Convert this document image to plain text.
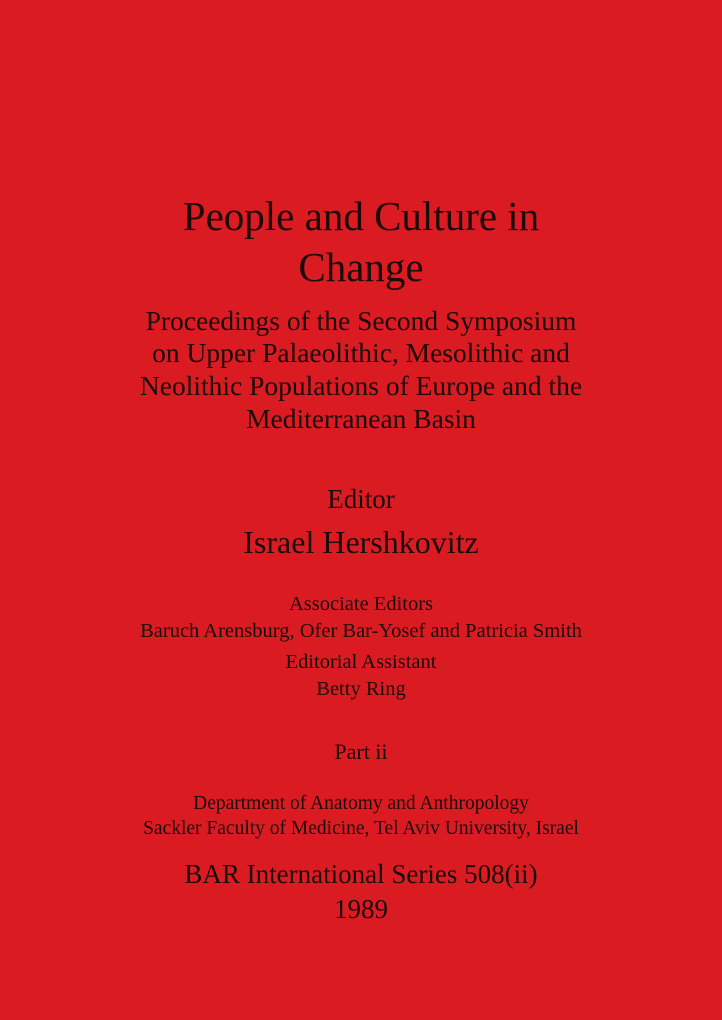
People and Culture in
Change
Proceedings of the Second Symposium
on Upper Palaeolithic, Mesolithic and
Neolithic Populations of Europe and the
Mediterranean Basin
Editor
Israel Hershkovitz
Associate Editors
Baruch Arensburg, Ofer Bar-Yosef and Patricia Smith
Editorial Assistant
Betty Ring
Part ii
Department of Anatomy and Anthropology
Sackler Faculty of Medicine, Tel Aviv University, Israel
BAR International Series 508(ii)
1989
